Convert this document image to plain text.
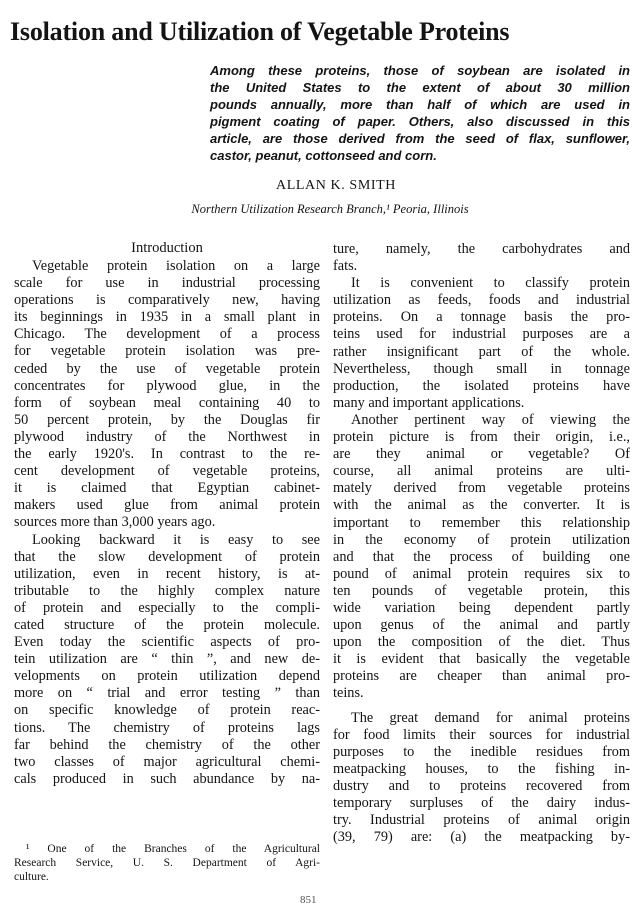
Isolation and Utilization of Vegetable Proteins
Among these proteins, those of soybean are isolated in
the United States to the extent of about 30 million
pounds annually, more than half of which are used in
pigment coating of paper. Others, also discussed in this
article, are those derived from the seed of flax, sunflower,
castor, peanut, cottonseed and corn.
ALLAN K. SMITH
Northern Utilization Research Branch,¹ Peoria, Illinois
Introduction
Vegetable protein isolation on a large
scale for use in industrial processing
operations is comparatively new, having
its beginnings in 1935 in a small plant in
Chicago. The development of a process
for vegetable protein isolation was pre-
ceded by the use of vegetable protein
concentrates for plywood glue, in the
form of soybean meal containing 40 to
50 percent protein, by the Douglas fir
plywood industry of the Northwest in
the early 1920's. In contrast to the re-
cent development of vegetable proteins,
it is claimed that Egyptian cabinet-
makers used glue from animal protein
sources more than 3,000 years ago.
Looking backward it is easy to see
that the slow development of protein
utilization, even in recent history, is at-
tributable to the highly complex nature
of protein and especially to the compli-
cated structure of the protein molecule.
Even today the scientific aspects of pro-
tein utilization are “ thin ”, and new de-
velopments on protein utilization depend
more on “ trial and error testing ” than
on specific knowledge of protein reac-
tions. The chemistry of proteins lags
far behind the chemistry of the other
two classes of major agricultural chemi-
cals produced in such abundance by na-
ture, namely, the carbohydrates and
fats.
It is convenient to classify protein
utilization as feeds, foods and industrial
proteins. On a tonnage basis the pro-
teins used for industrial purposes are a
rather insignificant part of the whole.
Nevertheless, though small in tonnage
production, the isolated proteins have
many and important applications.
Another pertinent way of viewing the
protein picture is from their origin, i.e.,
are they animal or vegetable? Of
course, all animal proteins are ulti-
mately derived from vegetable proteins
with the animal as the converter. It is
important to remember this relationship
in the economy of protein utilization
and that the process of building one
pound of animal protein requires six to
ten pounds of vegetable protein, this
wide variation being dependent partly
upon genus of the animal and partly
upon the composition of the diet. Thus
it is evident that basically the vegetable
proteins are cheaper than animal pro-
teins.
The great demand for animal proteins
for food limits their sources for industrial
purposes to the inedible residues from
meatpacking houses, to the fishing in-
dustry and to proteins recovered from
temporary surpluses of the dairy indus-
try. Industrial proteins of animal origin
(39, 79) are: (a) the meatpacking by-
¹ One of the Branches of the Agricultural
Research Service, U. S. Department of Agri-
culture.
851
